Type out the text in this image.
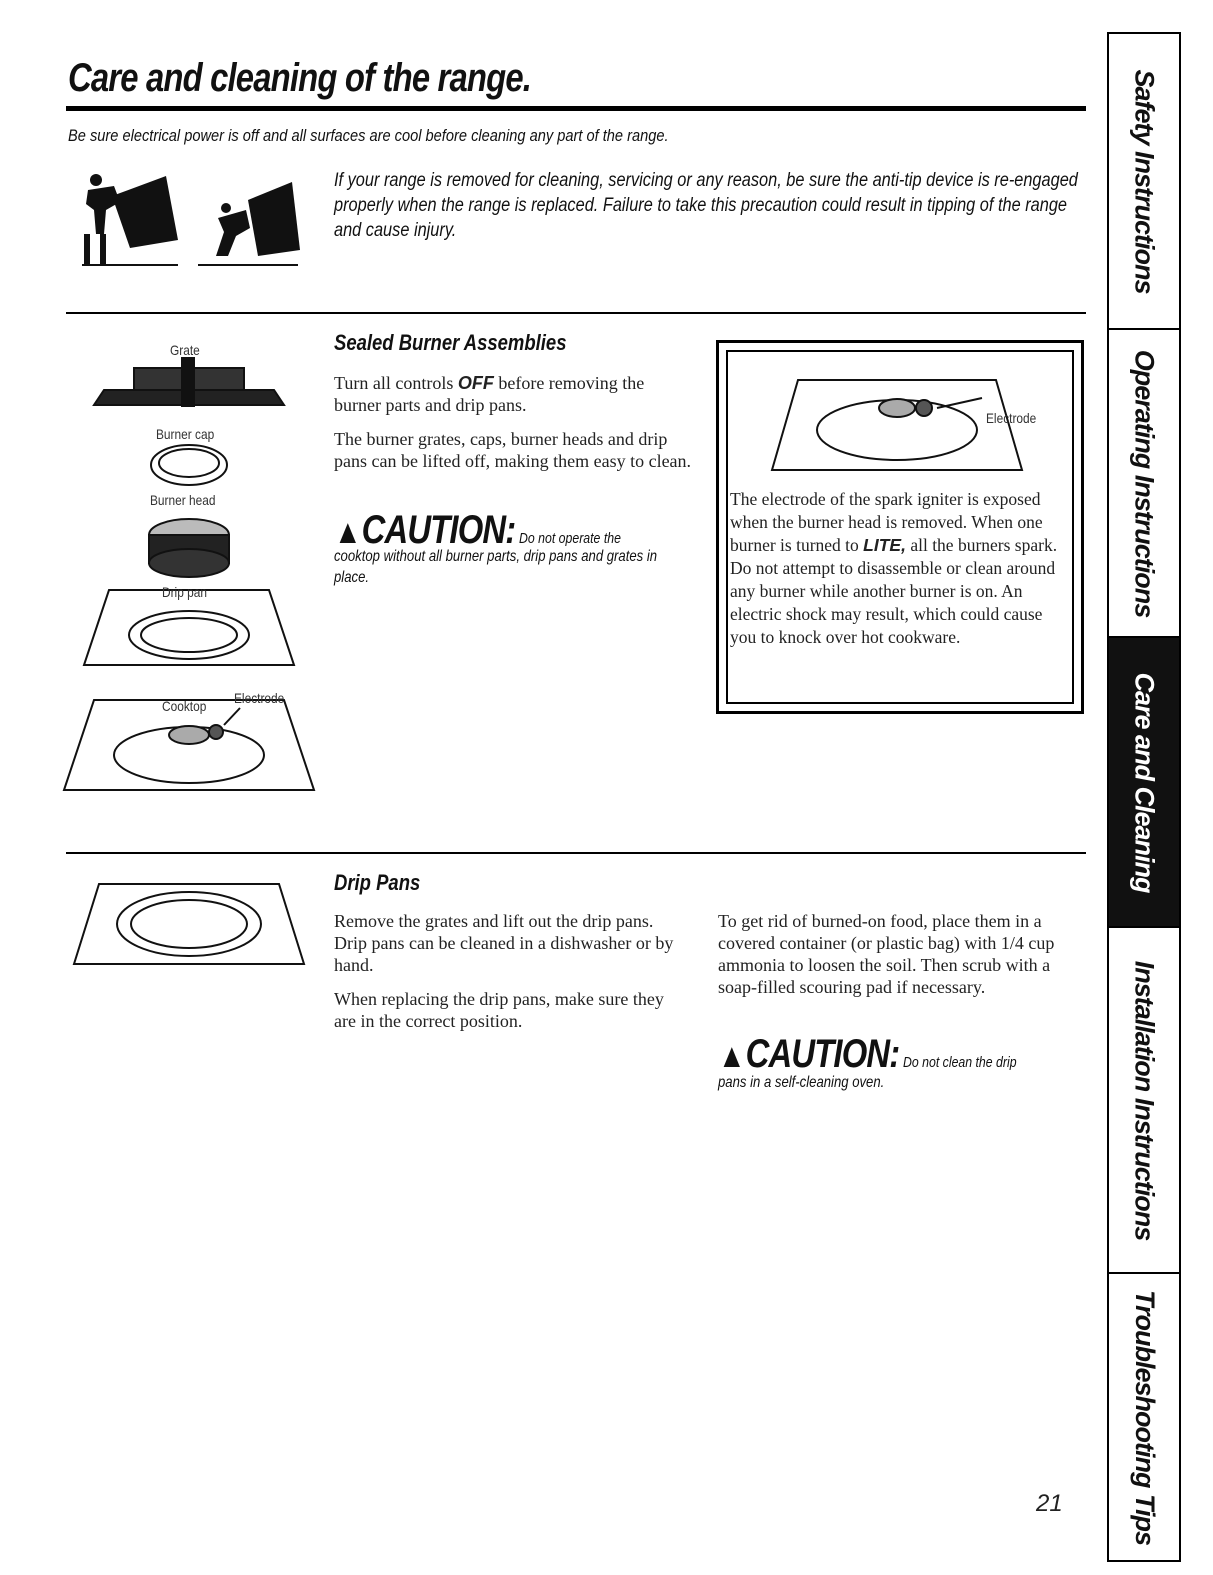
Care and cleaning of the range.
Be sure electrical power is off and all surfaces are cool before cleaning any part of the range.
If your range is removed for cleaning, servicing or any reason, be sure the anti-tip device is re-engaged properly when the range is replaced. Failure to take this precaution could result in tipping of the range and cause injury.
Grate
Burner cap
Burner head
Drip pan
Cooktop Electrode
Sealed Burner Assemblies

Turn all controls OFF before removing the burner parts and drip pans.

The burner grates, caps, burner heads and drip pans can be lifted off, making them easy to clean.

▲CAUTION: Do not operate the
cooktop without all burner parts, drip pans and grates in place.
Electrode
The electrode of the spark igniter is exposed when the burner head is removed. When one burner is turned to LITE, all the burners spark. Do not attempt to disassemble or clean around any burner while another burner is on. An electric shock may result, which could cause you to knock over hot cookware.
Drip Pans

Remove the grates and lift out the drip pans. Drip pans can be cleaned in a dishwasher or by hand.

When replacing the drip pans, make sure they are in the correct position.

To get rid of burned-on food, place them in a covered container (or plastic bag) with 1/4 cup ammonia to loosen the soil. Then scrub with a soap-filled scouring pad if necessary.

▲CAUTION: Do not clean the drip
pans in a self-cleaning oven.
Safety Instructions
Operating Instructions
Care and Cleaning
Installation Instructions
Troubleshooting Tips
21
